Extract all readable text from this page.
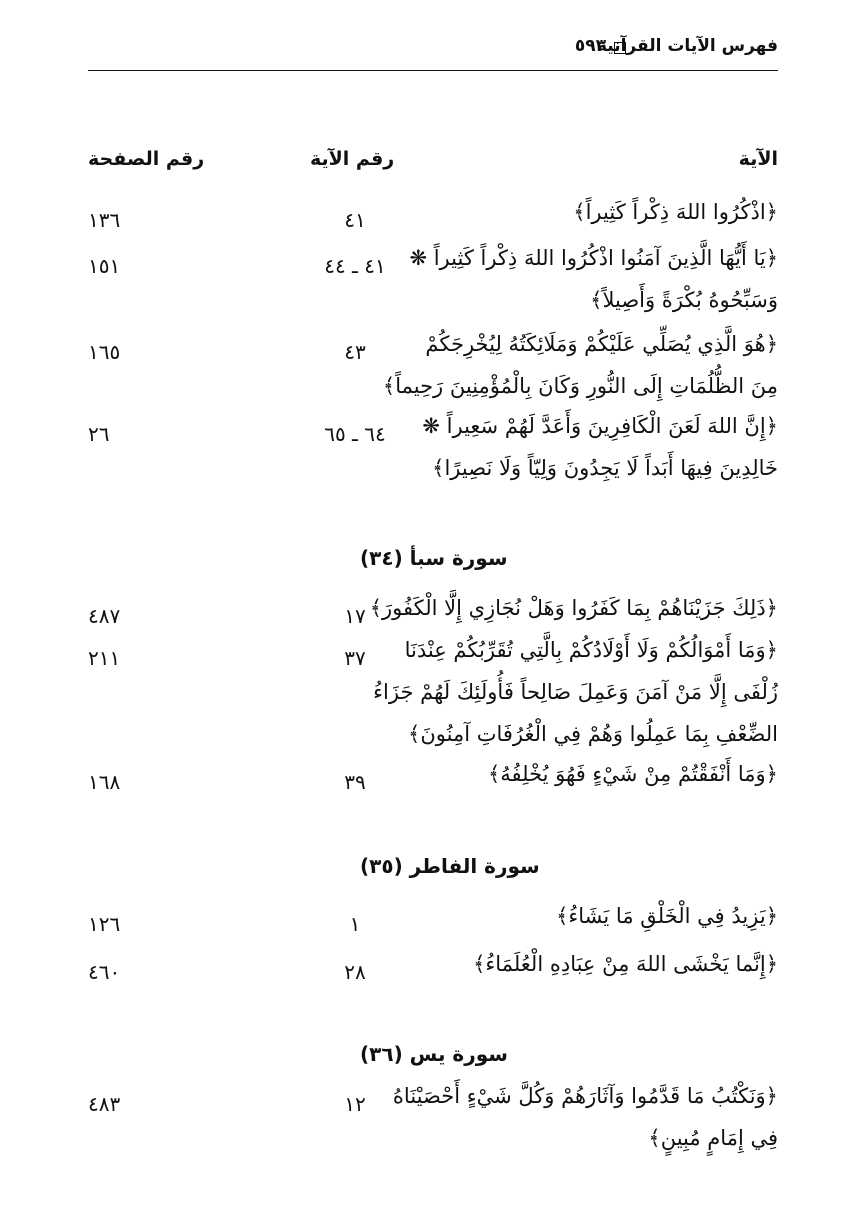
فهرس الآيات القرآنية
٥٩٣
الآية
رقم الآية
رقم الصفحة
﴿اذْكُرُوا اللهَ ذِكْراً كَثِيراً﴾
٤١
١٣٦
﴿يَا أَيُّهَا الَّذِينَ آمَنُوا اذْكُرُوا اللهَ ذِكْراً كَثِيراً ❋
وَسَبِّحُوهُ بُكْرَةً وَأَصِيلاً﴾
٤١ ـ ٤٤
١٥١
﴿هُوَ الَّذِي يُصَلِّي عَلَيْكُمْ وَمَلَائِكَتُهُ لِيُخْرِجَكُمْ
مِنَ الظُّلُمَاتِ إِلَى النُّورِ وَكَانَ بِالْمُؤْمِنِينَ رَحِيماً﴾
٤٣
١٦٥
﴿إِنَّ اللهَ لَعَنَ الْكَافِرِينَ وَأَعَدَّ لَهُمْ سَعِيراً ❋
خَالِدِينَ فِيهَا أَبَداً لَا يَجِدُونَ وَلِيّاً وَلَا نَصِيرًا﴾
٦٤ ـ ٦٥
٢٦
سورة سبأ (٣٤)
﴿ذَلِكَ جَزَيْنَاهُمْ بِمَا كَفَرُوا وَهَلْ نُجَازِي إِلَّا الْكَفُورَ﴾
١٧
٤٨٧
﴿وَمَا أَمْوَالُكُمْ وَلَا أَوْلَادُكُمْ بِالَّتِي تُقَرِّبُكُمْ عِنْدَنَا
زُلْفَى إِلَّا مَنْ آمَنَ وَعَمِلَ صَالِحاً فَأُولَئِكَ لَهُمْ جَزَاءُ
الضِّعْفِ بِمَا عَمِلُوا وَهُمْ فِي الْغُرُفَاتِ آمِنُونَ﴾
٣٧
٢١١
﴿وَمَا أَنْفَقْتُمْ مِنْ شَيْءٍ فَهُوَ يُخْلِفُهُ﴾
٣٩
١٦٨
سورة الفاطر (٣٥)
﴿يَزِيدُ فِي الْخَلْقِ مَا يَشَاءُ﴾
١
١٢٦
﴿إِنَّما يَخْشَى اللهَ مِنْ عِبَادِهِ الْعُلَمَاءُ﴾
٢٨
٤٦٠
سورة يس (٣٦)
﴿وَنَكْتُبُ مَا قَدَّمُوا وَآثَارَهُمْ وَكُلَّ شَيْءٍ أَحْصَيْنَاهُ
فِي إِمَامٍ مُبِينٍ﴾
١٢
٤٨٣
